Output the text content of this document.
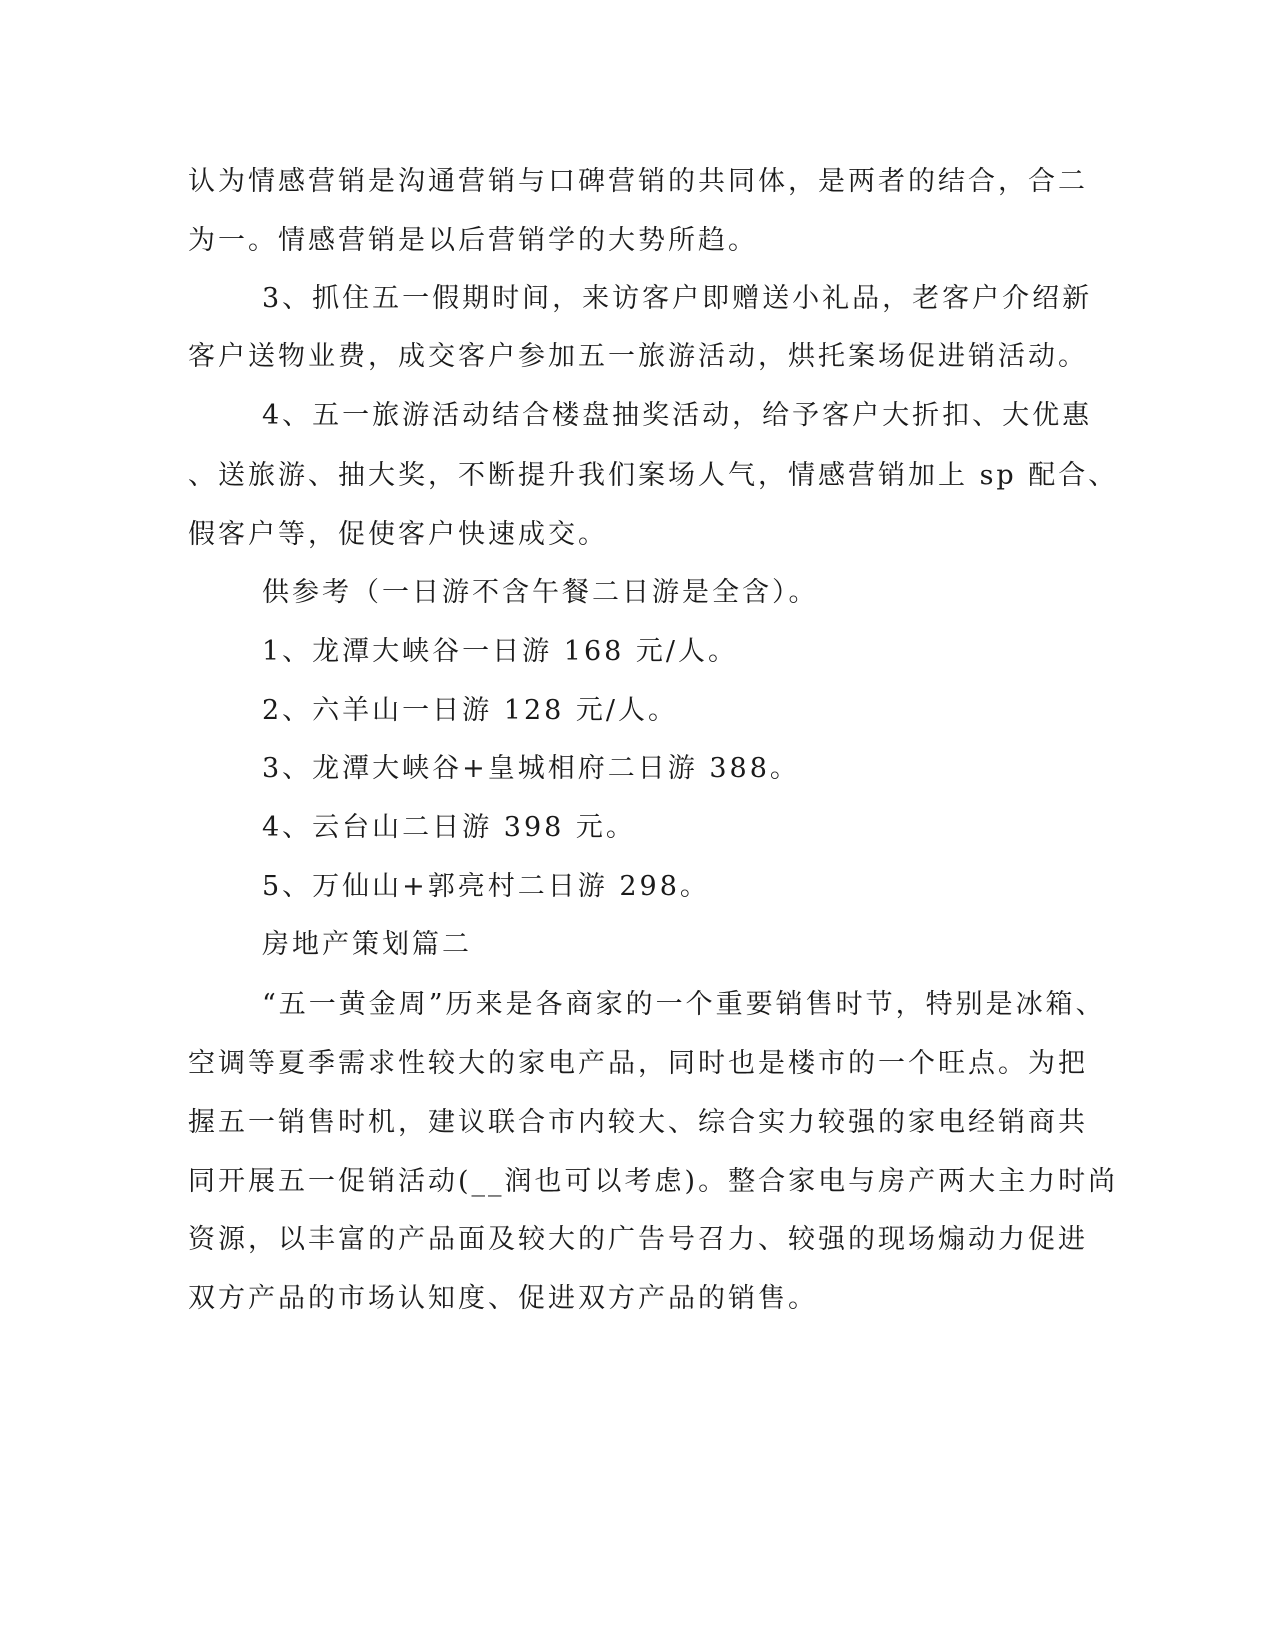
认为情感营销是沟通营销与口碑营销的共同体，是两者的结合，合二

为一。情感营销是以后营销学的大势所趋。

3、抓住五一假期时间，来访客户即赠送小礼品，老客户介绍新

客户送物业费，成交客户参加五一旅游活动，烘托案场促进销活动。

4、五一旅游活动结合楼盘抽奖活动，给予客户大折扣、大优惠

、送旅游、抽大奖，不断提升我们案场人气，情感营销加上 sp 配合、

假客户等，促使客户快速成交。

供参考（一日游不含午餐二日游是全含）。

1、龙潭大峡谷一日游 168 元/人。

2、六羊山一日游 128 元/人。

3、龙潭大峡谷+皇城相府二日游 388。

4、云台山二日游 398 元。

5、万仙山+郭亮村二日游 298。

房地产策划篇二

“五一黄金周”历来是各商家的一个重要销售时节，特别是冰箱、

空调等夏季需求性较大的家电产品，同时也是楼市的一个旺点。为把

握五一销售时机，建议联合市内较大、综合实力较强的家电经销商共

同开展五一促销活动(__润也可以考虑)。整合家电与房产两大主力时尚

资源，以丰富的产品面及较大的广告号召力、较强的现场煽动力促进

双方产品的市场认知度、促进双方产品的销售。
